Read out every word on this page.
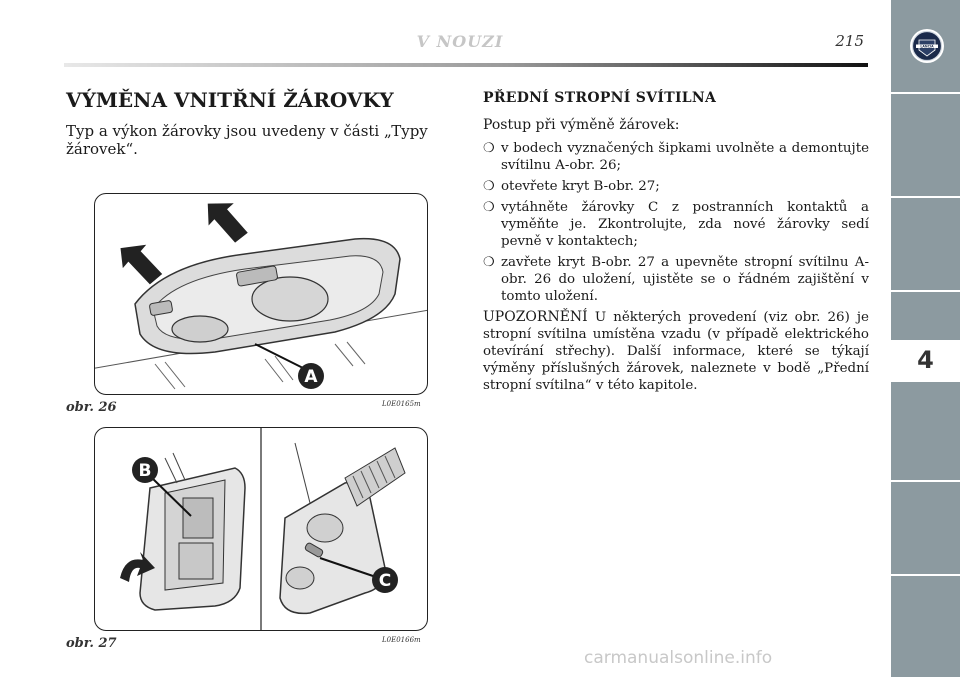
V NOUZI	215	LANCIA
4
VÝMĚNA VNITŘNÍ ŽÁROVKY

Typ a výkon žárovky jsou uvedeny v části „Typy žárovek“.

A
obr. 26	L0E0165m
B
C
obr. 27	L0E0166m
PŘEDNÍ STROPNÍ SVÍTILNA

Postup při výměně žárovek:

❍ v bodech vyznačených šipkami uvolněte a demontujte svítilnu A-obr. 26;
❍ otevřete kryt B-obr. 27;
❍ vytáhněte žárovky C z postranních kontaktů a vyměňte je. Zkontrolujte, zda nové žárovky sedí pevně v kontaktech;
❍ zavřete kryt B-obr. 27 a upevněte stropní svítilnu A-obr. 26 do uložení, ujistěte se o řádném zajištění v tomto uložení.

UPOZORNĚNÍ U některých provedení (viz obr. 26) je stropní svítilna umístěna vzadu (v případě elektrického otevírání střechy). Další informace, které se týkají výměny příslušných žárovek, naleznete v bodě „Přední stropní svítilna“ v této kapitole.

carmanualsonline.info
